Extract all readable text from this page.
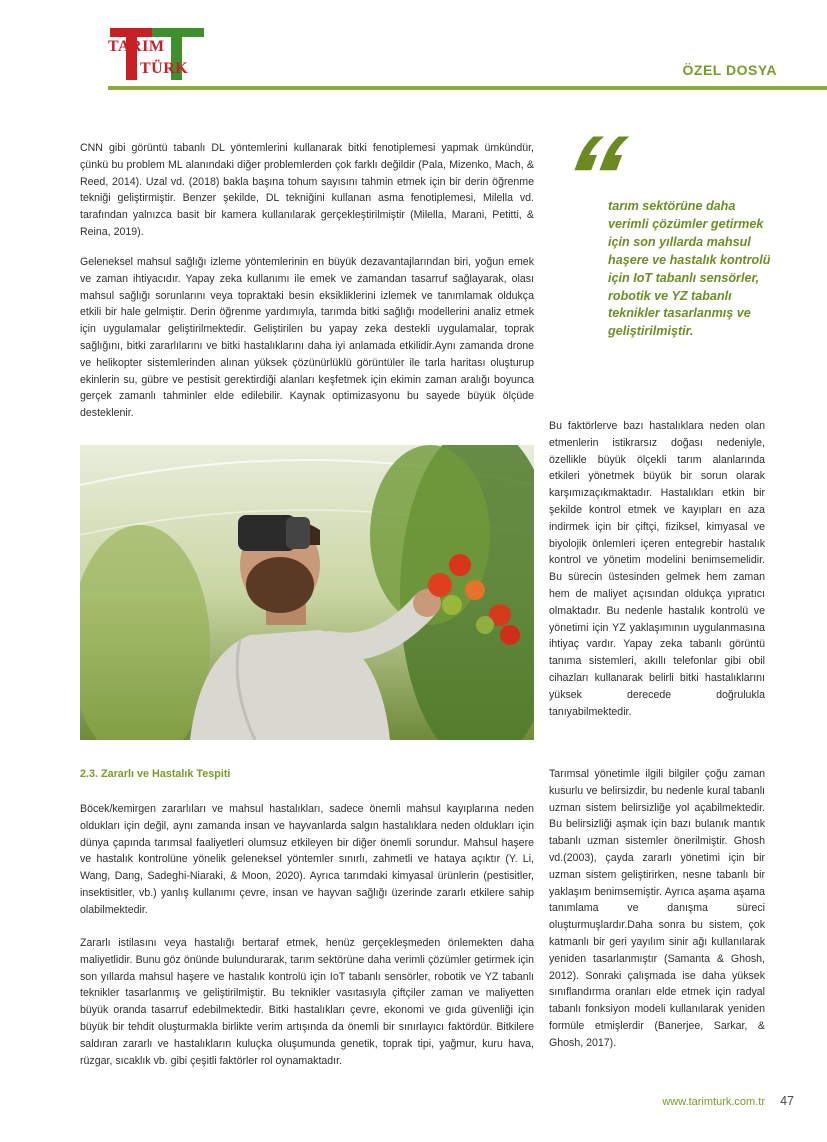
TARIM
TÜRK	ÖZEL DOSYA

CNN gibi görüntü tabanlı DL yöntemlerini kullanarak bitki fenotiplemesi yapmak ümkündür, çünkü bu problem ML alanındaki diğer problemlerden çok farklı değildir (Pala, Mizenko, Mach, & Reed, 2014). Uzal vd. (2018) bakla başına tohum sayısını tahmin etmek için bir derin öğrenme tekniği geliştirmiştir. Benzer şekilde, DL tekniğini kullanan asma fenotiplemesi, Milella vd. tarafından yalnızca basit bir kamera kullanılarak gerçekleştirilmiştir (Milella, Marani, Petitti, & Reina, 2019).

Geleneksel mahsul sağlığı izleme yöntemlerinin en büyük dezavantajlarından biri, yoğun emek ve zaman ihtiyacıdır. Yapay zeka kullanımı ile emek ve zamandan tasarruf sağlayarak, olası mahsul sağlığı sorunlarını veya topraktaki besin eksikliklerini izlemek ve tanımlamak oldukça etkili bir hale gelmiştir. Derin öğrenme yardımıyla, tarımda bitki sağlığı modellerini analiz etmek için uygulamalar geliştirilmektedir. Geliştirilen bu yapay zeka destekli uygulamalar, toprak sağlığını, bitki zararlılarını ve bitki hastalıklarını daha iyi anlamada etkilidir.Aynı zamanda drone ve helikopter sistemlerinden alınan yüksek çözünürlüklü görüntüler ile tarla haritası oluşturup ekinlerin su, gübre ve pestisit gerektirdiği alanları keşfetmek için ekimin zaman aralığı boyunca gerçek zamanlı tahminler elde edilebilir. Kaynak optimizasyonu bu sayede büyük ölçüde desteklenir.

2.3. Zararlı ve Hastalık Tespiti

Böcek/kemirgen zararlıları ve mahsul hastalıkları, sadece önemli mahsul kayıplarına neden oldukları için değil, aynı zamanda insan ve hayvanlarda salgın hastalıklara neden oldukları için dünya çapında tarımsal faaliyetleri olumsuz etkileyen bir diğer önemli sorundur. Mahsul haşere ve hastalık kontrolüne yönelik geleneksel yöntemler sınırlı, zahmetli ve hataya açıktır (Y. Li, Wang, Dang, Sadeghi-Niaraki, & Moon, 2020). Ayrıca tarımdaki kimyasal ürünlerin (pestisitler, insektisitler, vb.) yanlış kullanımı çevre, insan ve hayvan sağlığı üzerinde zararlı etkilere sahip olabilmektedir.

Zararlı istilasını veya hastalığı bertaraf etmek, henüz gerçekleşmeden önlemekten daha maliyetlidir. Bunu göz önünde bulundurarak, tarım sektörüne daha verimli çözümler getirmek için son yıllarda mahsul haşere ve hastalık kontrolü için IoT tabanlı sensörler, robotik ve YZ tabanlı teknikler tasarlanmış ve geliştirilmiştir. Bu teknikler vasıtasıyla çiftçiler zaman ve maliyetten büyük oranda tasarruf edebilmektedir. Bitki hastalıkları çevre, ekonomi ve gıda güvenliği için büyük bir tehdit oluşturmakla birlikte verim artışında da önemli bir sınırlayıcı faktördür. Bitkilere saldıran zararlı ve hastalıkların kuluçka oluşumunda genetik, toprak tipi, yağmur, kuru hava, rüzgar, sıcaklık vb. gibi çeşitli faktörler rol oynamaktadır.

“
tarım sektörüne daha verimli çözümler getirmek için son yıllarda mahsul haşere ve hastalık kontrolü için IoT tabanlı sensörler, robotik ve YZ tabanlı teknikler tasarlanmış ve geliştirilmiştir.

Bu faktörlerve bazı hastalıklara neden olan etmenlerin istikrarsız doğası nedeniyle, özellikle büyük ölçekli tarım alanlarında etkileri yönetmek büyük bir sorun olarak karşımızaçıkmaktadır. Hastalıkları etkin bir şekilde kontrol etmek ve kayıpları en aza indirmek için bir çiftçi, fiziksel, kimyasal ve biyolojik önlemleri içeren entegrebir hastalık kontrol ve yönetim modelini benimsemelidir. Bu sürecin üstesinden gelmek hem zaman hem de maliyet açısından oldukça yıpratıcı olmaktadır. Bu nedenle hastalık kontrolü ve yönetimi için YZ yaklaşımının uygulanmasına ihtiyaç vardır. Yapay zeka tabanlı görüntü tanıma sistemleri, akıllı telefonlar gibi obil cihazları kullanarak belirli bitki hastalıklarını yüksek derecede doğrulukla tanıyabilmektedir.

Tarımsal yönetimle ilgili bilgiler çoğu zaman kusurlu ve belirsizdir, bu nedenle kural tabanlı uzman sistem belirsizliğe yol açabilmektedir. Bu belirsizliği aşmak için bazı bulanık mantık tabanlı uzman sistemler önerilmiştir. Ghosh vd.(2003), çayda zararlı yönetimi için bir uzman sistem geliştirirken, nesne tabanlı bir yaklaşım benimsemiştir. Ayrıca aşama aşama tanımlama ve danışma süreci oluşturmuşlardır.Daha sonra bu sistem, çok katmanlı bir geri yayılım sinir ağı kullanılarak yeniden tasarlanmıştır (Samanta & Ghosh, 2012). Sonraki çalışmada ise daha yüksek sınıflandırma oranları elde etmek için radyal tabanlı fonksiyon modeli kullanılarak yeniden formüle etmişlerdir (Banerjee, Sarkar, & Ghosh, 2017).

www.tarimturk.com.tr 47
